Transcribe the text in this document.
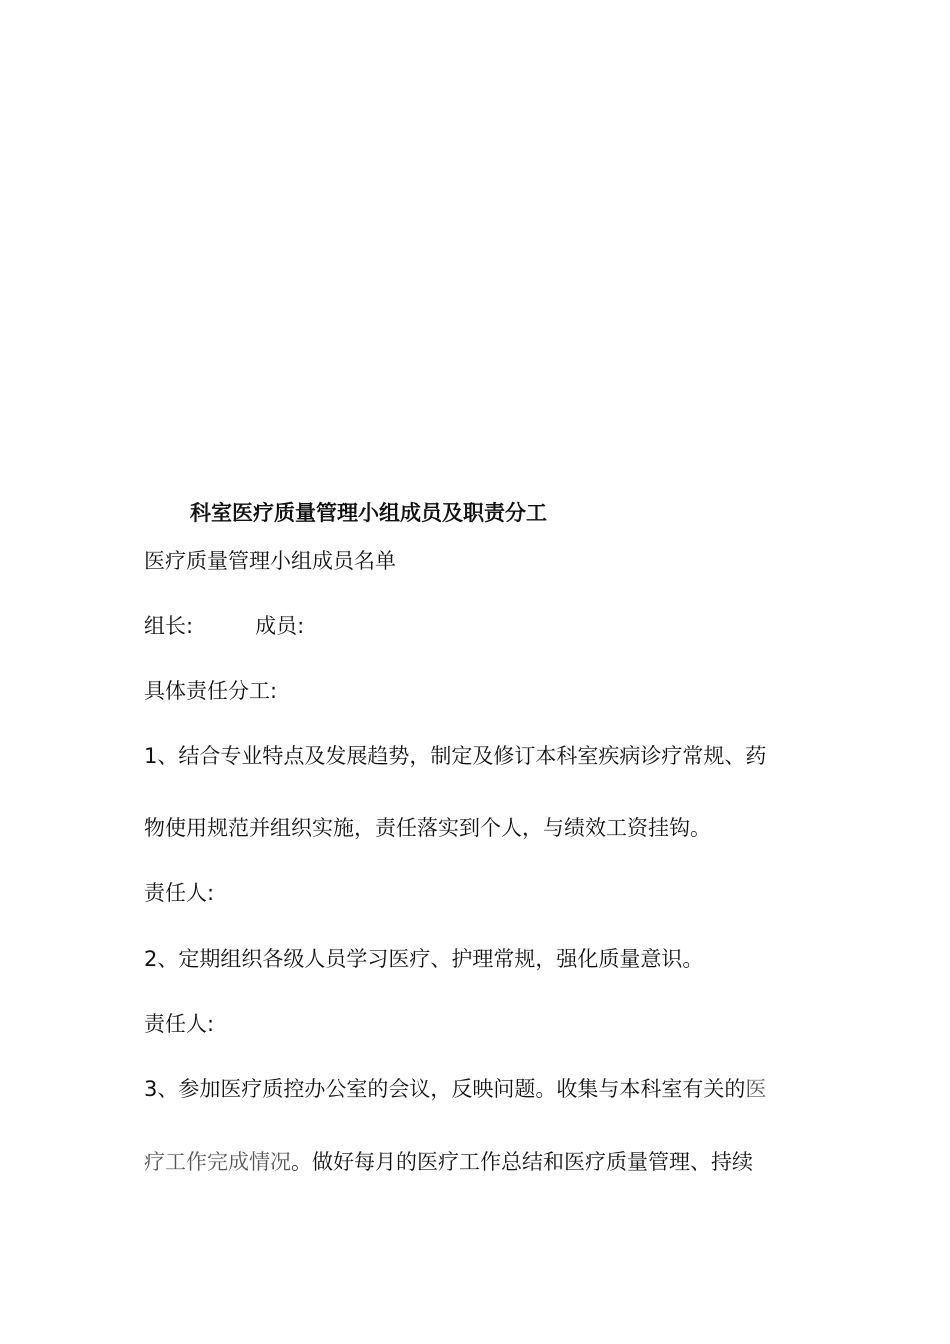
科室医疗质量管理小组成员及职责分工
医疗质量管理小组成员名单
组长:	成员:
具体责任分工:
1、结合专业特点及发展趋势，制定及修订本科室疾病诊疗常规、药
物使用规范并组织实施，责任落实到个人，与绩效工资挂钩。
责任人:
2、定期组织各级人员学习医疗、护理常规，强化质量意识。
责任人:
3、参加医疗质控办公室的会议，反映问题。收集与本科室有关的医
疗工作完成情况。做好每月的医疗工作总结和医疗质量管理、持续
